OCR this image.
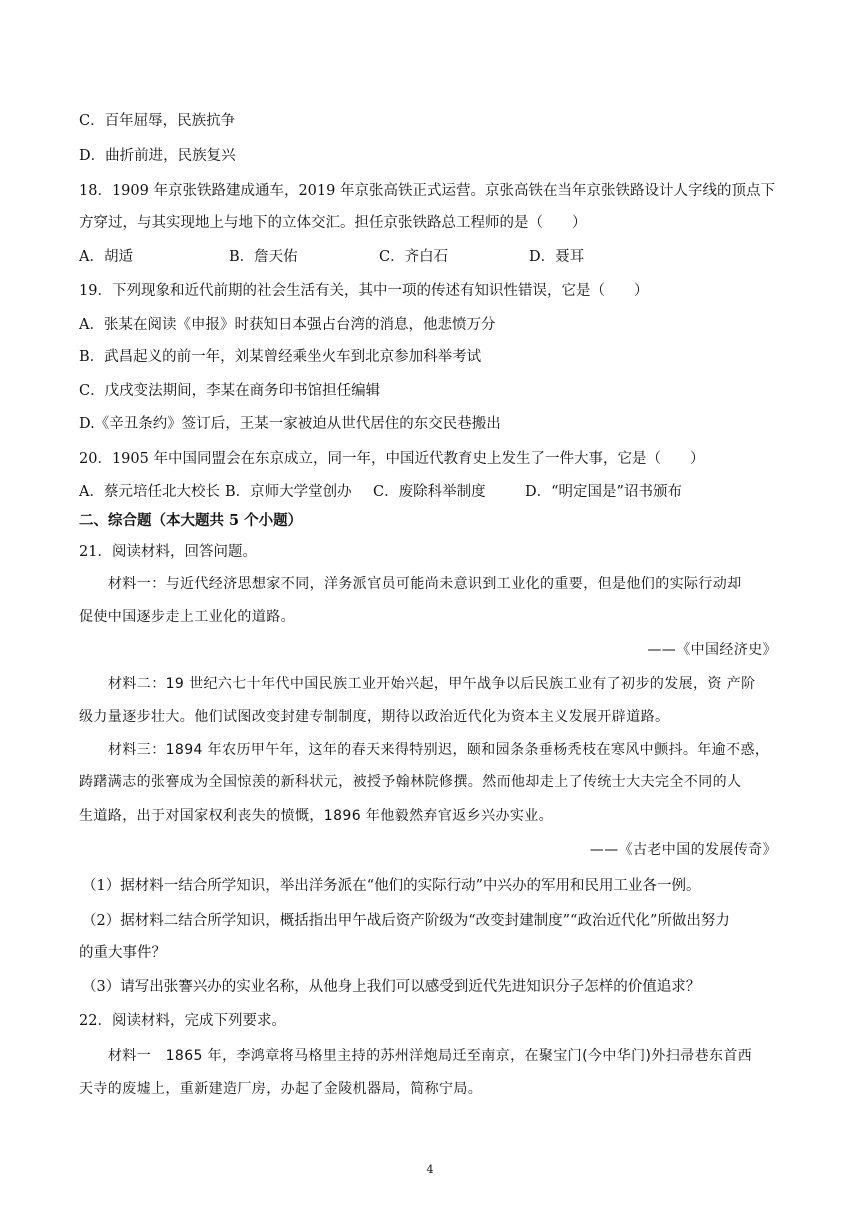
C．百年屈辱，民族抗争
D．曲折前进，民族复兴
18．1909 年京张铁路建成通车，2019 年京张高铁正式运营。京张高铁在当年京张铁路设计人字线的顶点下
方穿过，与其实现地上与地下的立体交汇。担任京张铁路总工程师的是（　　）
A．胡适	B．詹天佑	C．齐白石	D．聂耳
19．下列现象和近代前期的社会生活有关，其中一项的传述有知识性错误，它是（　　）
A．张某在阅读《申报》时获知日本强占台湾的消息，他悲愤万分
B．武昌起义的前一年，刘某曾经乘坐火车到北京参加科举考试
C．戊戌变法期间，李某在商务印书馆担任编辑
D.《辛丑条约》签订后，王某一家被迫从世代居住的东交民巷搬出
20．1905 年中国同盟会在东京成立，同一年，中国近代教育史上发生了一件大事，它是（　　）
A．蔡元培任北大校长 B．京师大学堂创办 C．废除科举制度	D．“明定国是”诏书颁布
二、综合题（本大题共 5 个小题）
21．阅读材料，回答问题。
材料一：与近代经济思想家不同，洋务派官员可能尚未意识到工业化的重要，但是他们的实际行动却
促使中国逐步走上工业化的道路。
——《中国经济史》
材料二：19 世纪六七十年代中国民族工业开始兴起，甲午战争以后民族工业有了初步的发展，资 产阶
级力量逐步壮大。他们试图改变封建专制制度，期待以政治近代化为资本主义发展开辟道路。
材料三：1894 年农历甲午年，这年的春天来得特别迟，颐和园条条垂杨秃枝在寒风中颤抖。年逾不惑，
踌躇满志的张謇成为全国惊羡的新科状元，被授予翰林院修撰。然而他却走上了传统士大夫完全不同的人
生道路，出于对国家权利丧失的愤慨，1896 年他毅然弃官返乡兴办实业。
——《古老中国的发展传奇》
（1）据材料一结合所学知识，举出洋务派在“他们的实际行动”中兴办的军用和民用工业各一例。
（2）据材料二结合所学知识，概括指出甲午战后资产阶级为“改变封建制度”“政治近代化”所做出努力
的重大事件？
（3）请写出张謇兴办的实业名称，从他身上我们可以感受到近代先进知识分子怎样的价值追求？
22．阅读材料，完成下列要求。
材料一　1865 年，李鸿章将马格里主持的苏州洋炮局迁至南京，在聚宝门(今中华门)外扫帚巷东首西
天寺的废墟上，重新建造厂房，办起了金陵机器局，简称宁局。
4
